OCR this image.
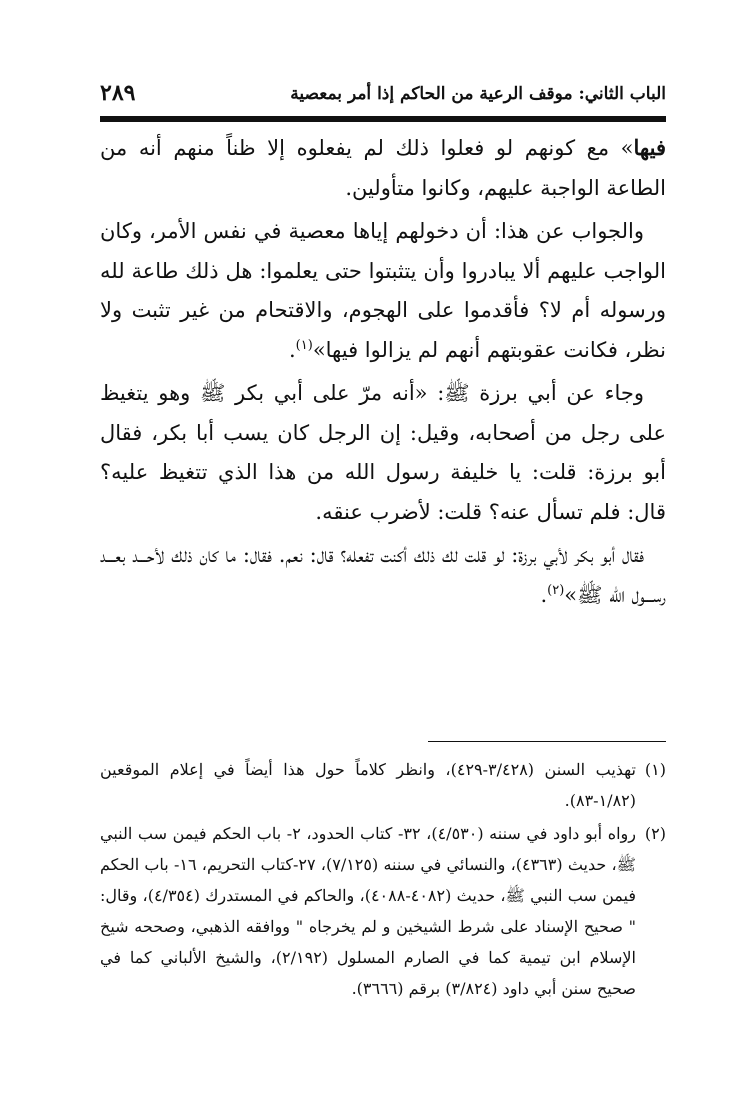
الباب الثاني: موقف الرعية من الحاكم إذا أمر بمعصية
٢٨٩

فيها» مع كونهم لو فعلوا ذلك لم يفعلوه إلا ظناً منهم أنه من الطاعة الواجبة عليهم، وكانوا متأولين.

والجواب عن هذا: أن دخولهم إياها معصية في نفس الأمر، وكان الواجب عليهم ألا يبادروا وأن يتثبتوا حتى يعلموا: هل ذلك طاعة لله ورسوله أم لا؟ فأقدموا على الهجوم، والاقتحام من غير تثبت ولا نظر، فكانت عقوبتهم أنهم لم يزالوا فيها»$^{(١)}$.

وجاء عن أبي برزة ﷺ: «أنه مرّ على أبي بكر ﷺ وهو يتغيظ على رجل من أصحابه، وقيل: إن الرجل كان يسب أبا بكر، فقال أبو برزة: قلت: يا خليفة رسول الله من هذا الذي تتغيظ عليه؟ قال: فلم تسأل عنه؟ قلت: لأضرب عنقه.

فقال أبو بكر لأبي برزة: لو قلت لك ذلك أكنت تفعله؟ قال: نعم. فقال: ما كان ذلك لأحـــد بعـــد رســـول الله ﷺ»$^{(٢)}$.

(١)تهذيب السنن (٣/٤٢٨-٤٢٩)، وانظر كلاماً حول هذا أيضاً في إعلام الموقعين (١/٨٢-٨٣).

(٢)رواه أبو داود في سننه (٤/٥٣٠)، ٣٢- كتاب الحدود، ٢- باب الحكم فيمن سب النبي ﷺ، حديث (٤٣٦٣)، والنسائي في سننه (٧/١٢٥)، ٢٧-كتاب التحريم، ١٦- باب الحكم فيمن سب النبي ﷺ، حديث (٤٠٨٢-٤٠٨٨)، والحاكم في المستدرك (٤/٣٥٤)، وقال: " صحيح الإسناد على شرط الشيخين و لم يخرجاه " ووافقه الذهبي، وصححه شيخ الإسلام ابن تيمية كما في الصارم المسلول (٢/١٩٢)، والشيخ الألباني كما في صحيح سنن أبي داود (٣/٨٢٤) برقم (٣٦٦٦).
